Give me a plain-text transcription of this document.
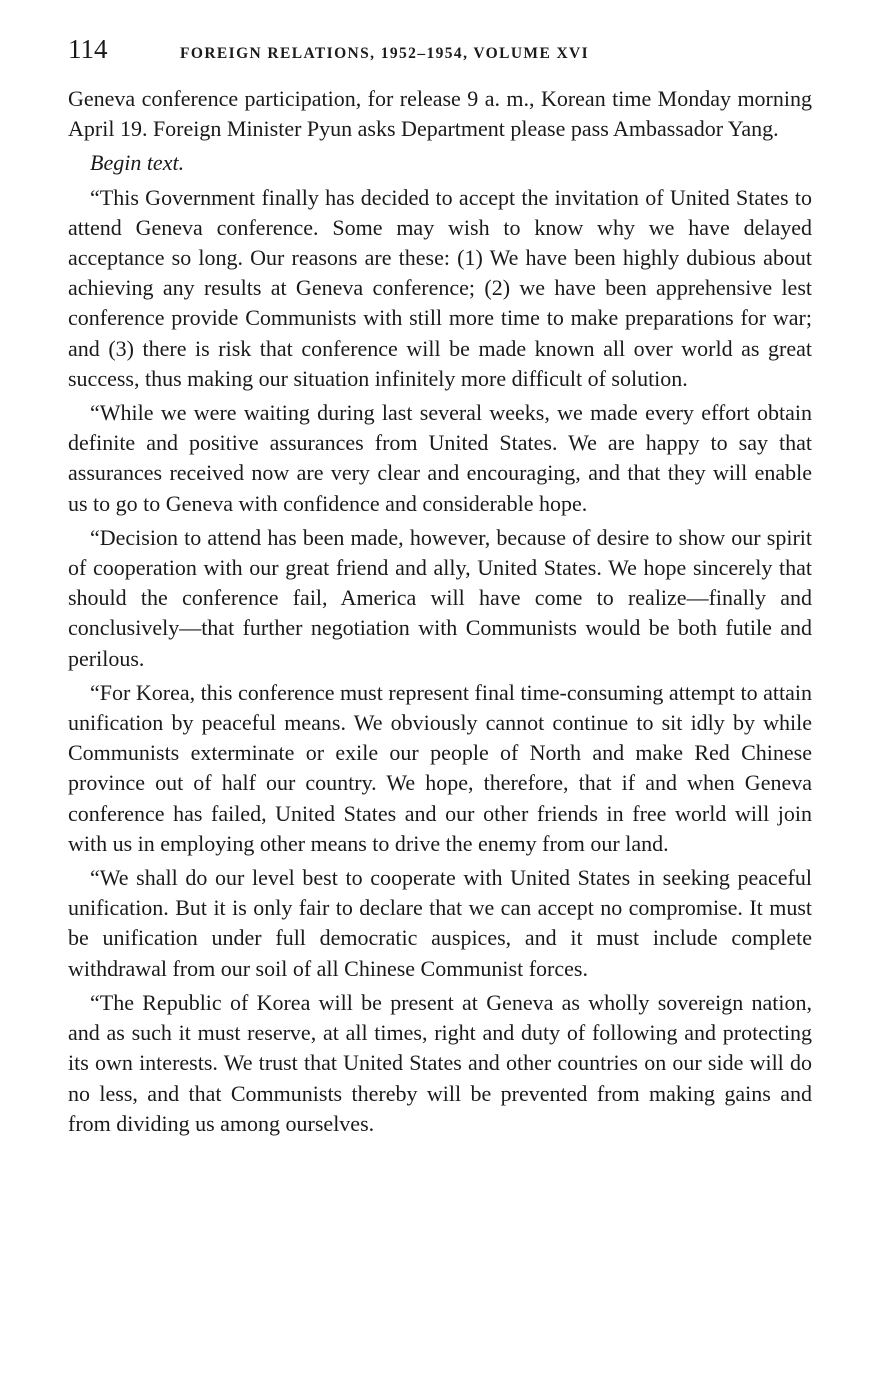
114	FOREIGN RELATIONS, 1952–1954, VOLUME XVI

Geneva conference participation, for release 9 a. m., Korean time Monday morning April 19. Foreign Minister Pyun asks Department please pass Ambassador Yang.

Begin text.

“This Government finally has decided to accept the invitation of United States to attend Geneva conference. Some may wish to know why we have delayed acceptance so long. Our reasons are these: (1) We have been highly dubious about achieving any results at Geneva conference; (2) we have been apprehensive lest conference provide Communists with still more time to make preparations for war; and (3) there is risk that conference will be made known all over world as great success, thus making our situation infinitely more difficult of solution.

“While we were waiting during last several weeks, we made every effort obtain definite and positive assurances from United States. We are happy to say that assurances received now are very clear and encouraging, and that they will enable us to go to Geneva with confidence and considerable hope.

“Decision to attend has been made, however, because of desire to show our spirit of cooperation with our great friend and ally, United States. We hope sincerely that should the conference fail, America will have come to realize—finally and conclusively—that further negotiation with Communists would be both futile and perilous.

“For Korea, this conference must represent final time-consuming attempt to attain unification by peaceful means. We obviously cannot continue to sit idly by while Communists exterminate or exile our people of North and make Red Chinese province out of half our country. We hope, therefore, that if and when Geneva conference has failed, United States and our other friends in free world will join with us in employing other means to drive the enemy from our land.

“We shall do our level best to cooperate with United States in seeking peaceful unification. But it is only fair to declare that we can accept no compromise. It must be unification under full democratic auspices, and it must include complete withdrawal from our soil of all Chinese Communist forces.

“The Republic of Korea will be present at Geneva as wholly sovereign nation, and as such it must reserve, at all times, right and duty of following and protecting its own interests. We trust that United States and other countries on our side will do no less, and that Communists thereby will be prevented from making gains and from dividing us among ourselves.
